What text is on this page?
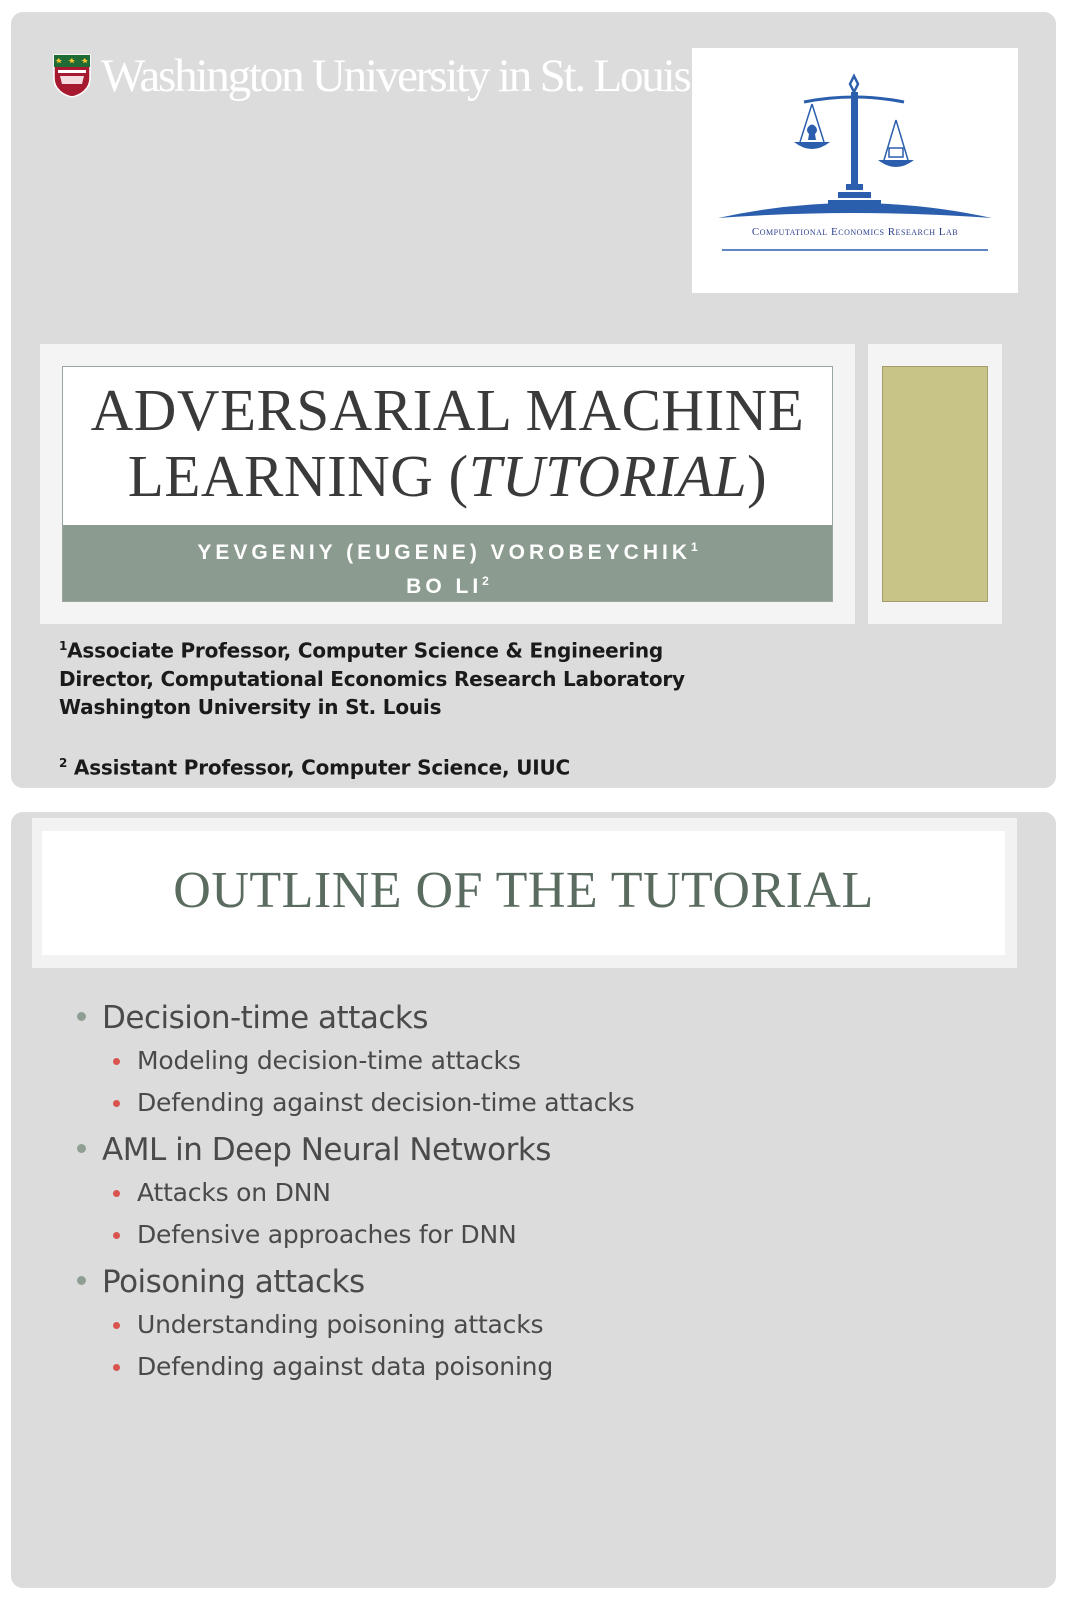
Washington University in St. Louis
Computational Economics Research Lab
ADVERSARIAL MACHINE
LEARNING (TUTORIAL)
YEVGENIY (EUGENE) VOROBEYCHIK$^1$
BO $LI^2$
$^1$Associate Professor, Computer Science & Engineering
Director, Computational Economics Research Laboratory
Washington University in St. Louis
$^2$ Assistant Professor, Computer Science, UIUC
OUTLINE OF THE TUTORIAL
Decision-time attacks
Modeling decision-time attacks
Defending against decision-time attacks
AML in Deep Neural Networks
Attacks on DNN
Defensive approaches for DNN
Poisoning attacks
Understanding poisoning attacks
Defending against data poisoning
